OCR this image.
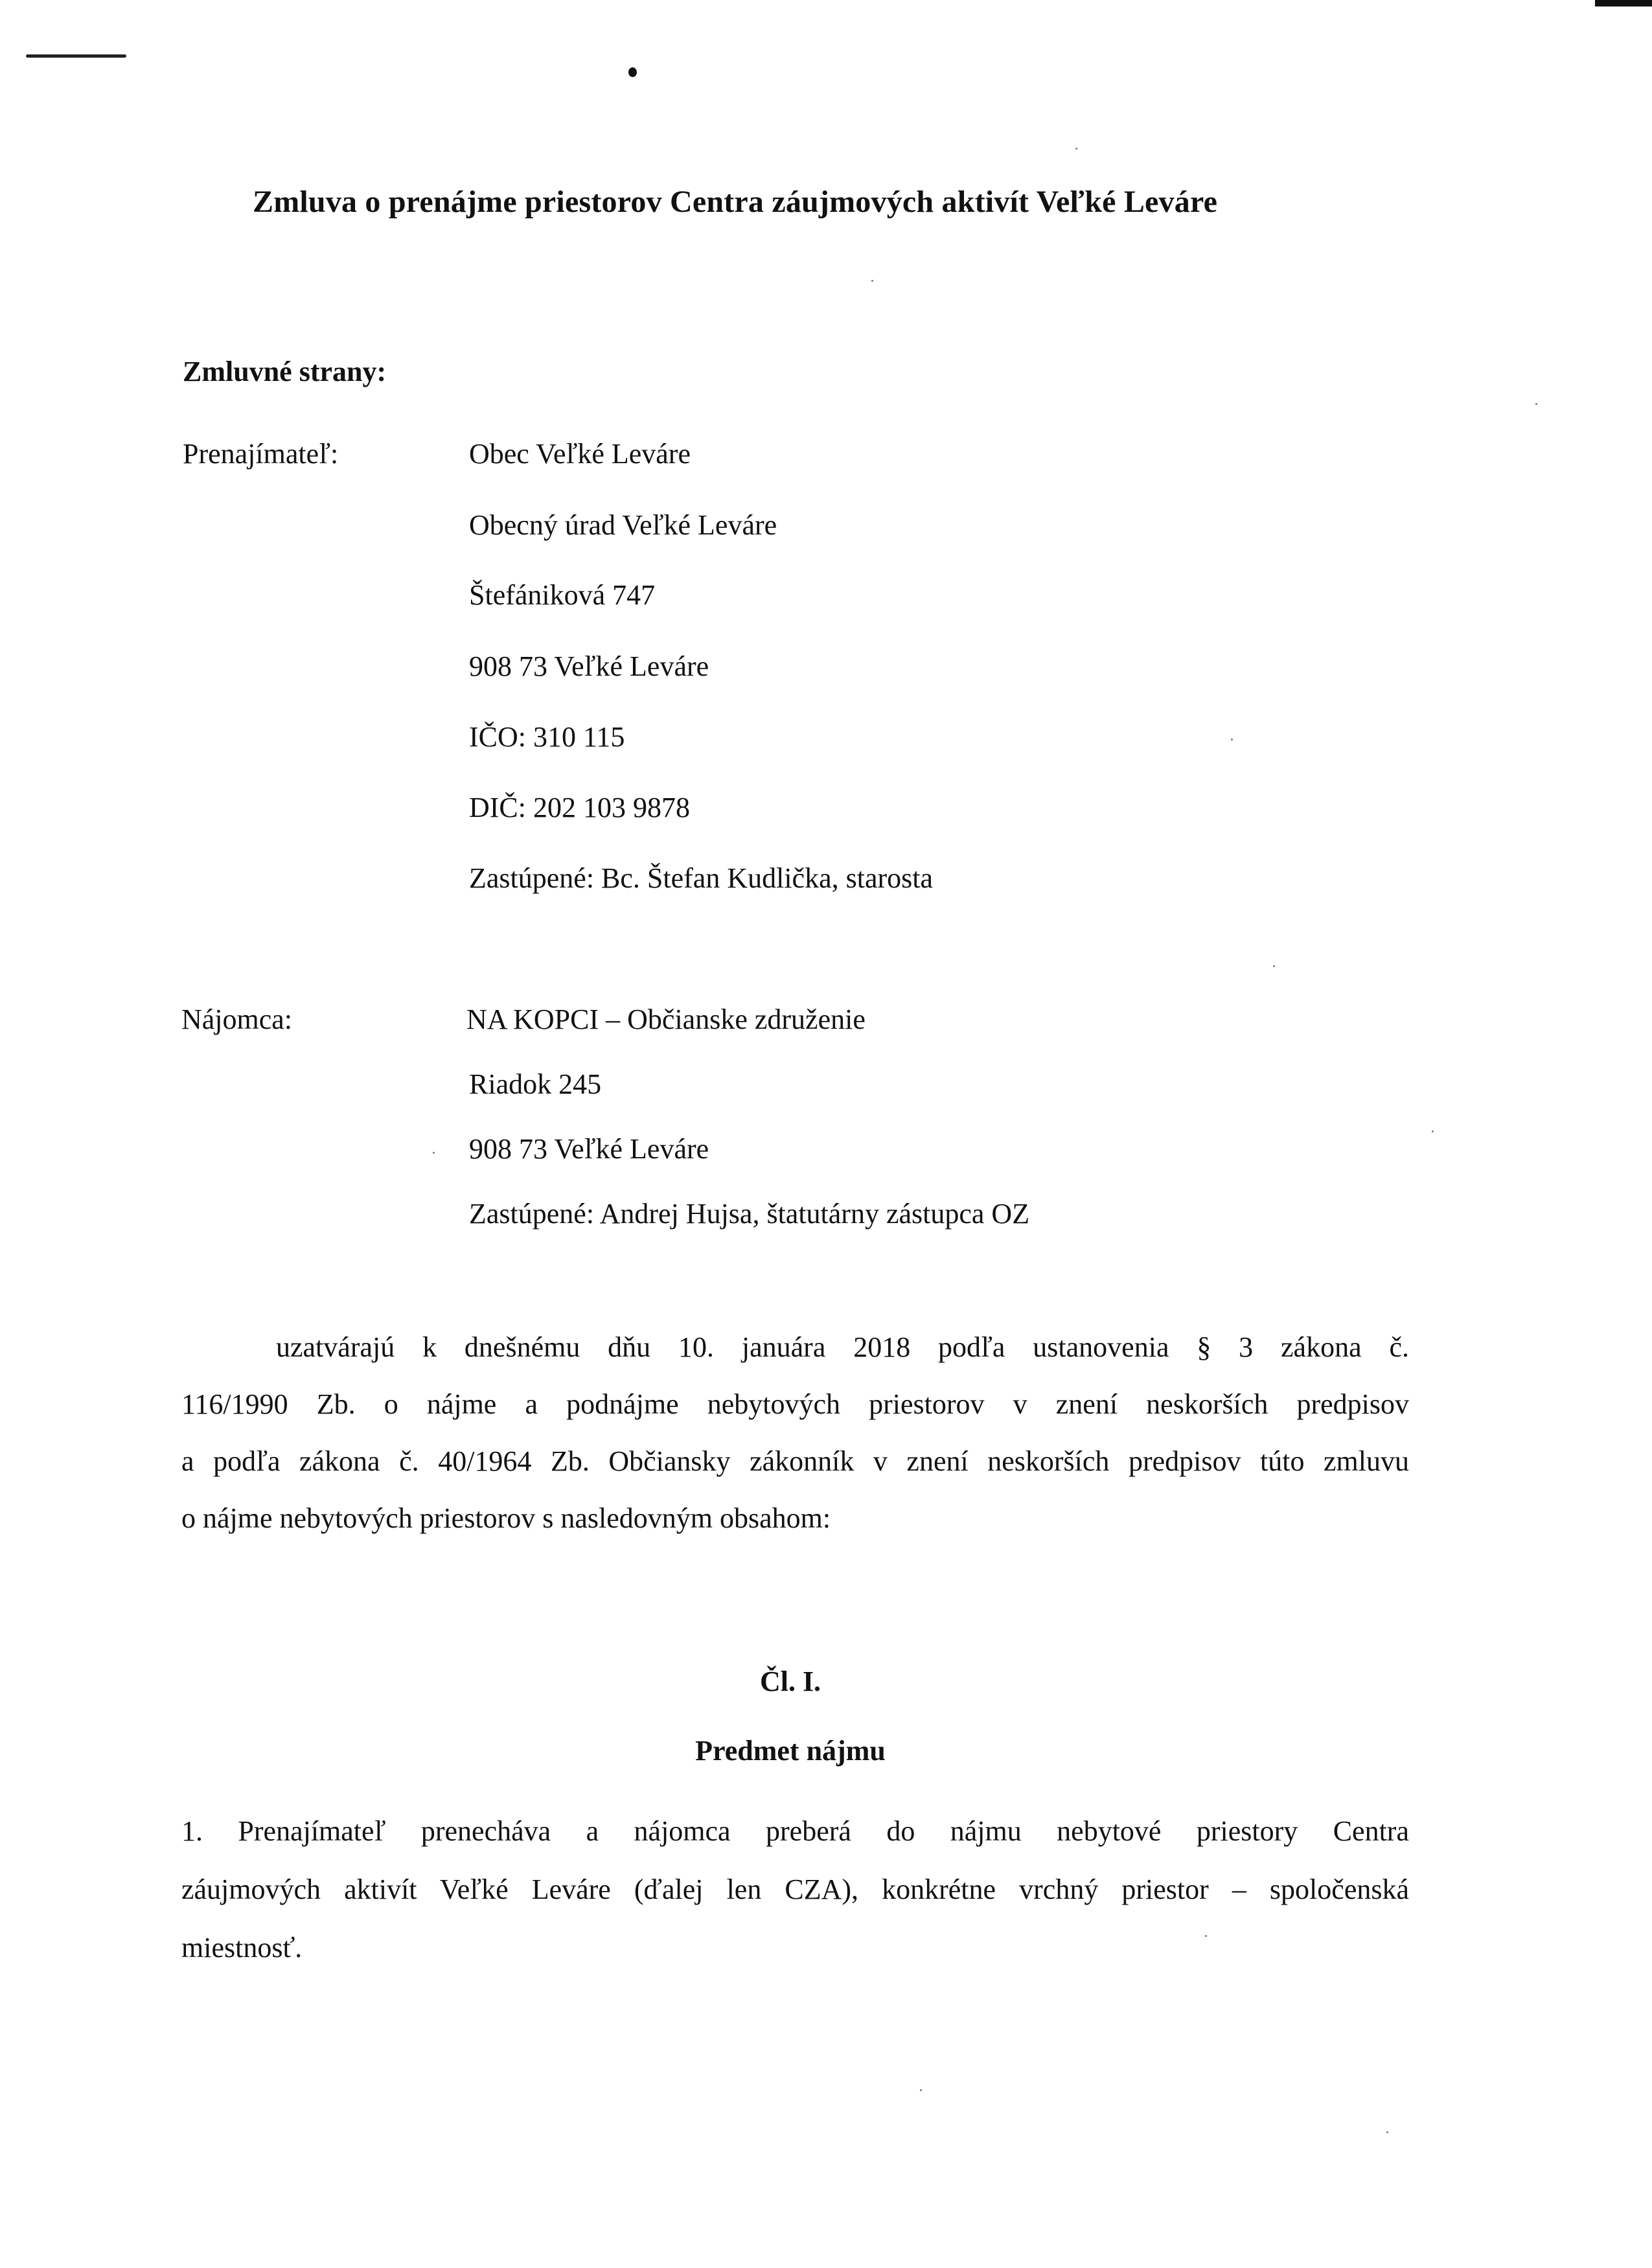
Zmluva o prenájme priestorov Centra záujmových aktivít Veľké Leváre
Zmluvné strany:
Prenajímateľ:	Obec Veľké Leváre
Obecný úrad Veľké Leváre
Štefániková 747
908 73 Veľké Leváre
IČO: 310 115
DIČ: 202 103 9878
Zastúpené: Bc. Štefan Kudlička, starosta
Nájomca:	NA KOPCI – Občianske združenie
Riadok 245
908 73 Veľké Leváre
Zastúpené: Andrej Hujsa, štatutárny zástupca OZ
uzatvárajú k dnešnému dňu 10. januára 2018 podľa ustanovenia § 3 zákona č.
116/1990 Zb. o nájme a podnájme nebytových priestorov v znení neskorších predpisov
a podľa zákona č. 40/1964 Zb. Občiansky zákonník v znení neskorších predpisov túto zmluvu
o nájme nebytových priestorov s nasledovným obsahom:
Čl. I.
Predmet nájmu
1. Prenajímateľ prenecháva a nájomca preberá do nájmu nebytové priestory Centra
záujmových aktivít Veľké Leváre (ďalej len CZA), konkrétne vrchný priestor – spoločenská
miestnosť.
